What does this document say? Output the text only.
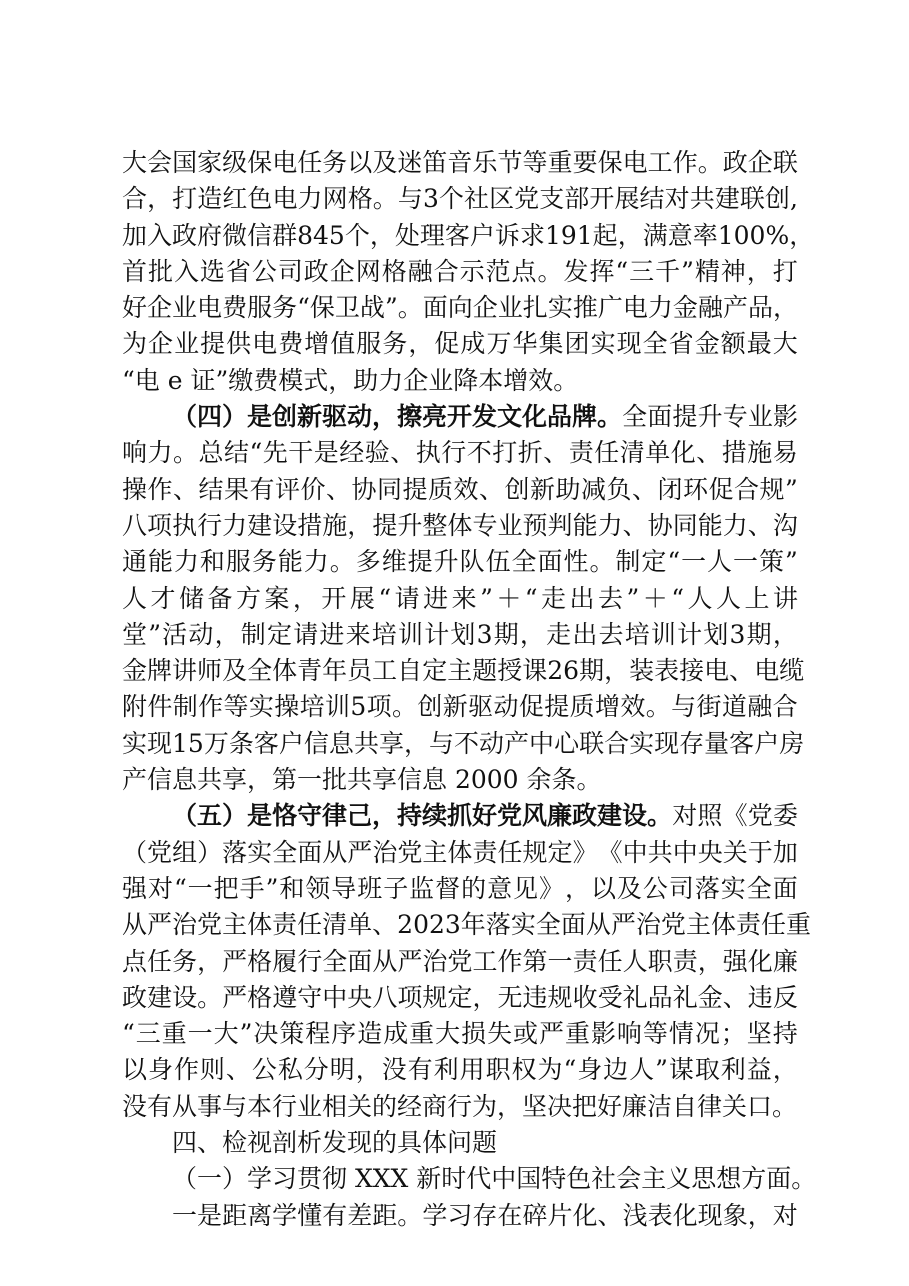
大 会 国 家 级 保 电 任 务 以 及 迷 笛 音 乐 节 等 重 要 保 电 工 作 。 政 企 联
合 ， 打 造 红 色 电 力 网 格 。 与 3 个 社 区 党 支 部 开 展 结 对 共 建 联 创 ,
加 入 政 府 微 信 群 845 个 ， 处 理 客 户 诉 求 191 起 ， 满 意 率 100% ，
首 批 入 选 省 公 司 政 企 网 格 融 合 示 范 点 。 发 挥 “ 三 千 ” 精 神 ， 打
好 企 业 电 费 服 务 “ 保 卫 战 ” 。 面 向 企 业 扎 实 推 广 电 力 金 融 产 品 ，
为 企 业 提 供 电 费 增 值 服 务 ， 促 成 万 华 集 团 实 现 全 省 金 额 最 大
“电 e 证”缴费模式，助力企业降本增效。
（四）是创新驱动，擦亮开发文化品牌。 全 面 提 升 专 业 影
响 力 。 总 结 “ 先 干 是 经 验 、 执 行 不 打 折 、 责 任 清 单 化 、 措 施 易
操 作 、 结 果 有 评 价 、 协 同 提 质 效 、 创 新 助 减 负 、 闭 环 促 合 规 ”
八 项 执 行 力 建 设 措 施 ， 提 升 整 体 专 业 预 判 能 力 、 协 同 能 力 、 沟
通 能 力 和 服 务 能 力 。 多 维 提 升 队 伍 全 面 性 。 制 定 “ 一 人 一 策 ”
人 才 储 备 方 案 ， 开 展 “ 请 进 来 ” ＋ “ 走 出 去 ” ＋ “ 人 人 上 讲
堂 ” 活 动 ， 制 定 请 进 来 培 训 计 划 3 期 ， 走 出 去 培 训 计 划 3 期 ，
金 牌 讲 师 及 全 体 青 年 员 工 自 定 主 题 授 课 26 期 ， 装 表 接 电 、 电 缆
附 件 制 作 等 实 操 培 训 5 项 。 创 新 驱 动 促 提 质 增 效 。 与 街 道 融 合
实 现 15 万 条 客 户 信 息 共 享 ， 与 不 动 产 中 心 联 合 实 现 存 量 客 户 房
产信息共享，第一批共享信息 2000 余条。
（五）是恪守律己，持续抓好党风廉政建设。 对 照 《 党 委
（ 党 组 ） 落 实 全 面 从 严 治 党 主 体 责 任 规 定 》 《 中 共 中 央 关 于 加
强 对 “ 一 把 手 ” 和 领 导 班 子 监 督 的 意 见 》 ， 以 及 公 司 落 实 全 面
从 严 治 党 主 体 责 任 清 单 、 2023 年 落 实 全 面 从 严 治 党 主 体 责 任 重
点 任 务 ， 严 格 履 行 全 面 从 严 治 党 工 作 第 一 责 任 人 职 责 ， 强 化 廉
政 建 设 。 严 格 遵 守 中 央 八 项 规 定 ， 无 违 规 收 受 礼 品 礼 金 、 违 反
“ 三 重 一 大 ” 决 策 程 序 造 成 重 大 损 失 或 严 重 影 响 等 情 况 ； 坚 持
以 身 作 则 、 公 私 分 明 ， 没 有 利 用 职 权 为 “ 身 边 人 ” 谋 取 利 益 ，
没有从事与本行业相关的经商行为，坚决把好廉洁自律关口。
四、检视剖析发现的具体问题
（一）学习贯彻 XXX 新时代中国特色社会主义思想方面。
一 是 距 离 学 懂 有 差 距 。 学 习 存 在 碎 片 化 、 浅 表 化 现 象 ， 对
